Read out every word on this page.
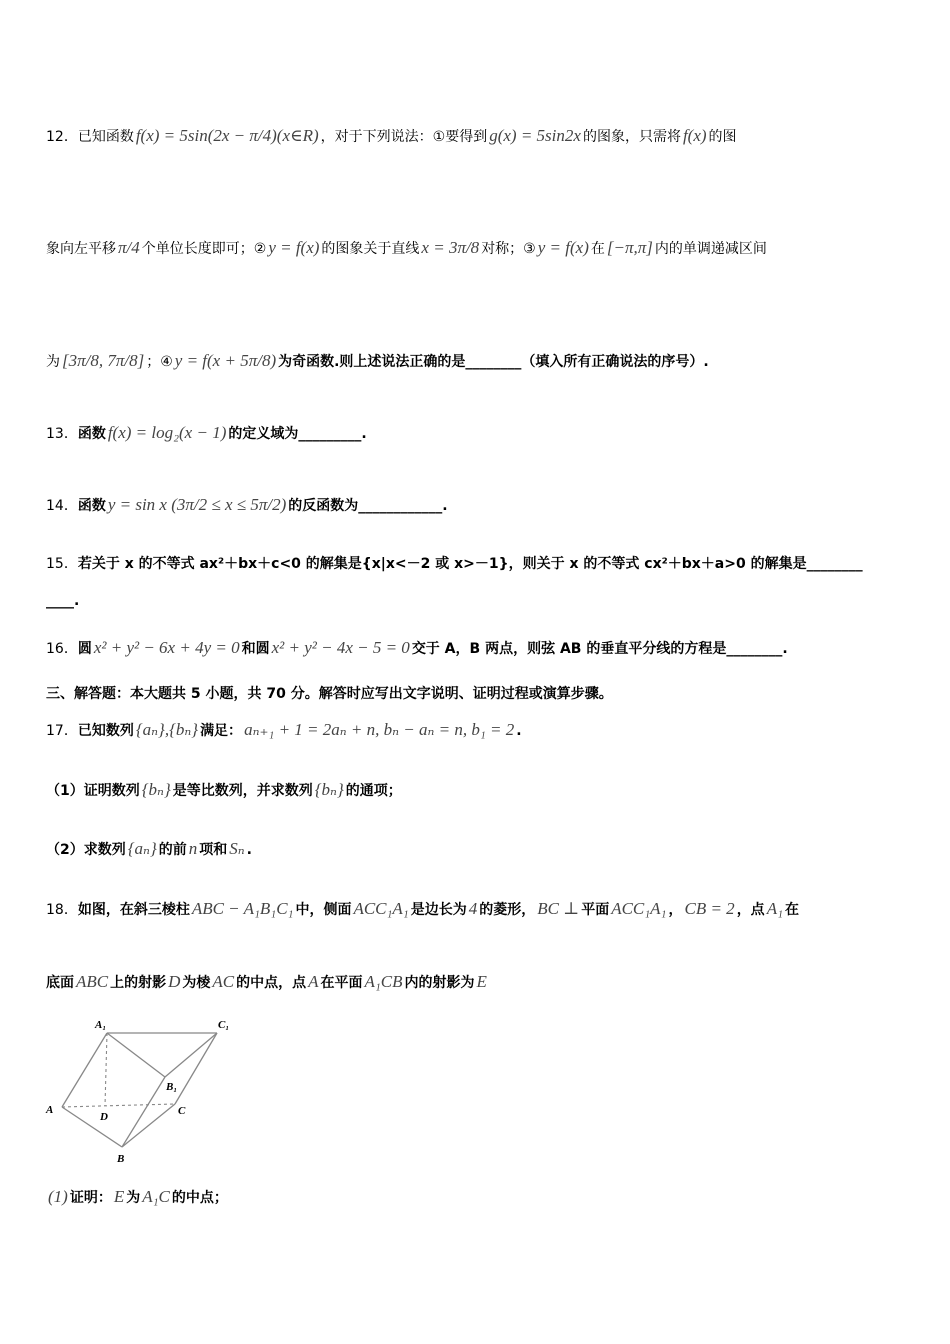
12．已知函数 f(x) = 5sin(2x − π/4)(x∈R) ，对于下列说法：①要得到 g(x) = 5sin2x 的图象，只需将 f(x) 的图
象向左平移 π/4 个单位长度即可；② y = f(x) 的图象关于直线 x = 3π/8 对称；③ y = f(x) 在 [−π,π] 内的单调递减区间
为 [3π/8, 7π/8] ；④ y = f(x + 5π/8) 为奇函数.则上述说法正确的是________（填入所有正确说法的序号）.
13．函数 f(x) = log₂(x − 1) 的定义域为_________.
14．函数 y = sin x (3π/2 ≤ x ≤ 5π/2) 的反函数为____________.
15．若关于 x 的不等式 ax²＋bx＋c<0 的解集是{x|x<－2 或 x>－1}，则关于 x 的不等式 cx²＋bx＋a>0 的解集是________
____.
16．圆 x² + y² − 6x + 4y = 0 和圆 x² + y² − 4x − 5 = 0 交于 A，B 两点，则弦 AB 的垂直平分线的方程是________.
三、解答题：本大题共 5 小题，共 70 分。解答时应写出文字说明、证明过程或演算步骤。
17．已知数列 {aₙ},{bₙ} 满足： aₙ₊₁ + 1 = 2aₙ + n, bₙ − aₙ = n, b₁ = 2 .
（1）证明数列 {bₙ} 是等比数列，并求数列 {bₙ} 的通项；
（2）求数列 {aₙ} 的前 n 项和 Sₙ .
18．如图，在斜三棱柱 ABC − A₁B₁C₁ 中，侧面 ACC₁A₁ 是边长为 4 的菱形， BC ⊥ 平面 ACC₁A₁ ， CB = 2 ，点 A₁ 在
底面 ABC 上的射影 D 为棱 AC 的中点，点 A 在平面 A₁CB 内的射影为 E
A₁	C₁
B₁
A
D	C
B
(1) 证明： E 为 A₁C 的中点；
